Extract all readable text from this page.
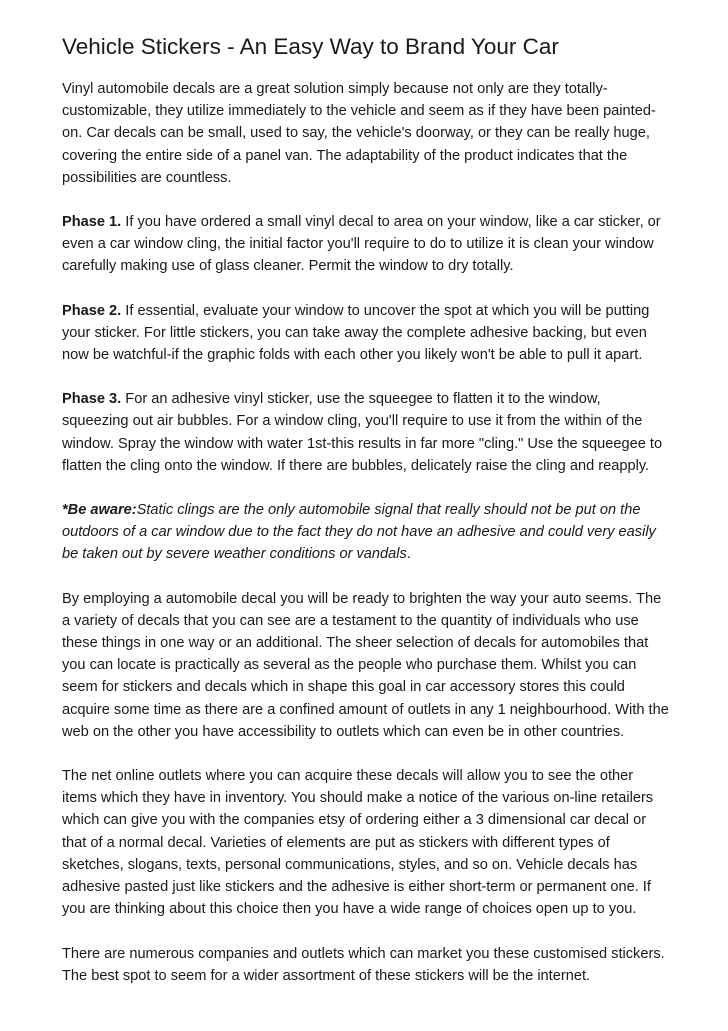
Vehicle Stickers - An Easy Way to Brand Your Car

Vinyl automobile decals are a great solution simply because not only are they totally-customizable, they utilize immediately to the vehicle and seem as if they have been painted-on. Car decals can be small, used to say, the vehicle's doorway, or they can be really huge, covering the entire side of a panel van. The adaptability of the product indicates that the possibilities are countless.

Phase 1. If you have ordered a small vinyl decal to area on your window, like a car sticker, or even a car window cling, the initial factor you'll require to do to utilize it is clean your window carefully making use of glass cleaner. Permit the window to dry totally.

Phase 2. If essential, evaluate your window to uncover the spot at which you will be putting your sticker. For little stickers, you can take away the complete adhesive backing, but even now be watchful-if the graphic folds with each other you likely won't be able to pull it apart.

Phase 3. For an adhesive vinyl sticker, use the squeegee to flatten it to the window, squeezing out air bubbles. For a window cling, you'll require to use it from the within of the window. Spray the window with water 1st-this results in far more "cling." Use the squeegee to flatten the cling onto the window. If there are bubbles, delicately raise the cling and reapply.

*Be aware:Static clings are the only automobile signal that really should not be put on the outdoors of a car window due to the fact they do not have an adhesive and could very easily be taken out by severe weather conditions or vandals.

By employing a automobile decal you will be ready to brighten the way your auto seems. The a variety of decals that you can see are a testament to the quantity of individuals who use these things in one way or an additional. The sheer selection of decals for automobiles that you can locate is practically as several as the people who purchase them. Whilst you can seem for stickers and decals which in shape this goal in car accessory stores this could acquire some time as there are a confined amount of outlets in any 1 neighbourhood. With the web on the other you have accessibility to outlets which can even be in other countries.

The net online outlets where you can acquire these decals will allow you to see the other items which they have in inventory. You should make a notice of the various on-line retailers which can give you with the companies etsy of ordering either a 3 dimensional car decal or that of a normal decal. Varieties of elements are put as stickers with different types of sketches, slogans, texts, personal communications, styles, and so on. Vehicle decals has adhesive pasted just like stickers and the adhesive is either short-term or permanent one. If you are thinking about this choice then you have a wide range of choices open up to you.

There are numerous companies and outlets which can market you these customised stickers. The best spot to seem for a wider assortment of these stickers will be the internet.
